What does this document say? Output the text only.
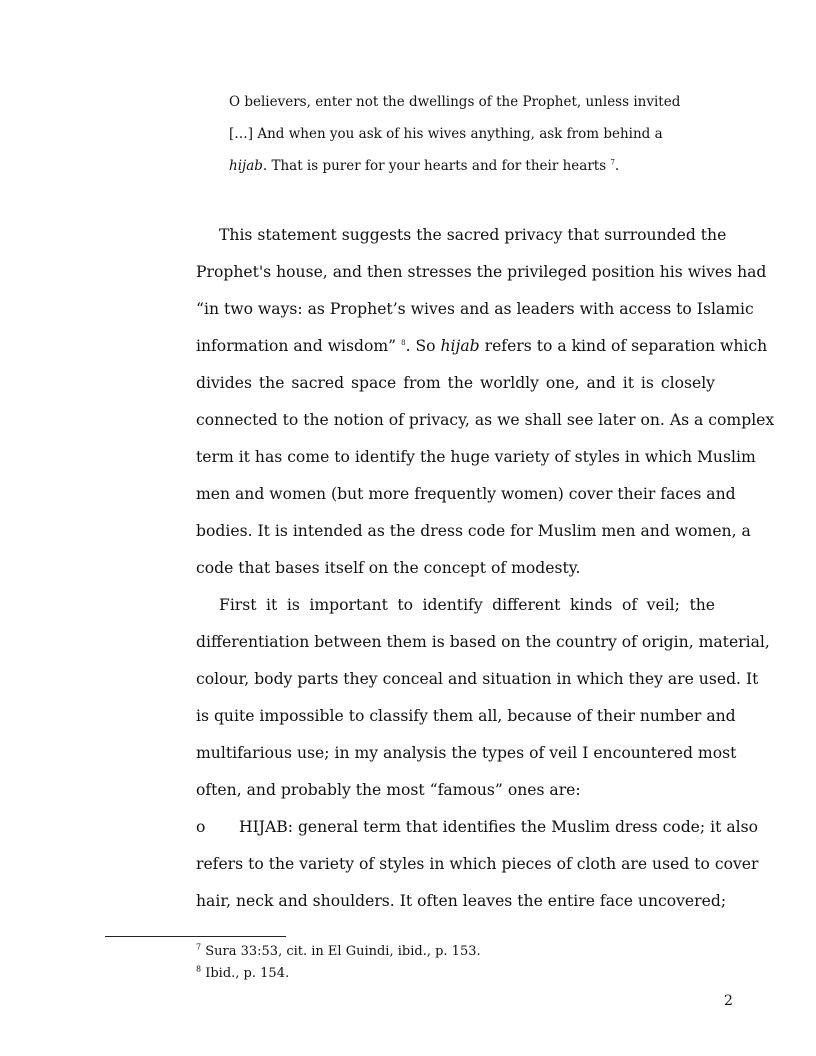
O believers, enter not the dwellings of the Prophet, unless invited
[…] And when you ask of his wives anything, ask from behind a
hijab. That is purer for your hearts and for their hearts $^7$.
This statement suggests the sacred privacy that surrounded the
Prophet's house, and then stresses the privileged position his wives had
“in two ways: as Prophet’s wives and as leaders with access to Islamic
information and wisdom” $^8$. So hijab refers to a kind of separation which
divides the sacred space from the worldly one, and it is closely
connected to the notion of privacy, as we shall see later on. As a complex
term it has come to identify the huge variety of styles in which Muslim
men and women (but more frequently women) cover their faces and
bodies. It is intended as the dress code for Muslim men and women, a
code that bases itself on the concept of modesty.
First it is important to identify different kinds of veil; the
differentiation between them is based on the country of origin, material,
colour, body parts they conceal and situation in which they are used. It
is quite impossible to classify them all, because of their number and
multifarious use; in my analysis the types of veil I encountered most
often, and probably the most “famous” ones are:
o HIJAB: general term that identifies the Muslim dress code; it also
refers to the variety of styles in which pieces of cloth are used to cover
hair, neck and shoulders. It often leaves the entire face uncovered;
$^7$ Sura 33:53, cit. in El Guindi, ibid., p. 153.
$^8$ Ibid., p. 154.
2
